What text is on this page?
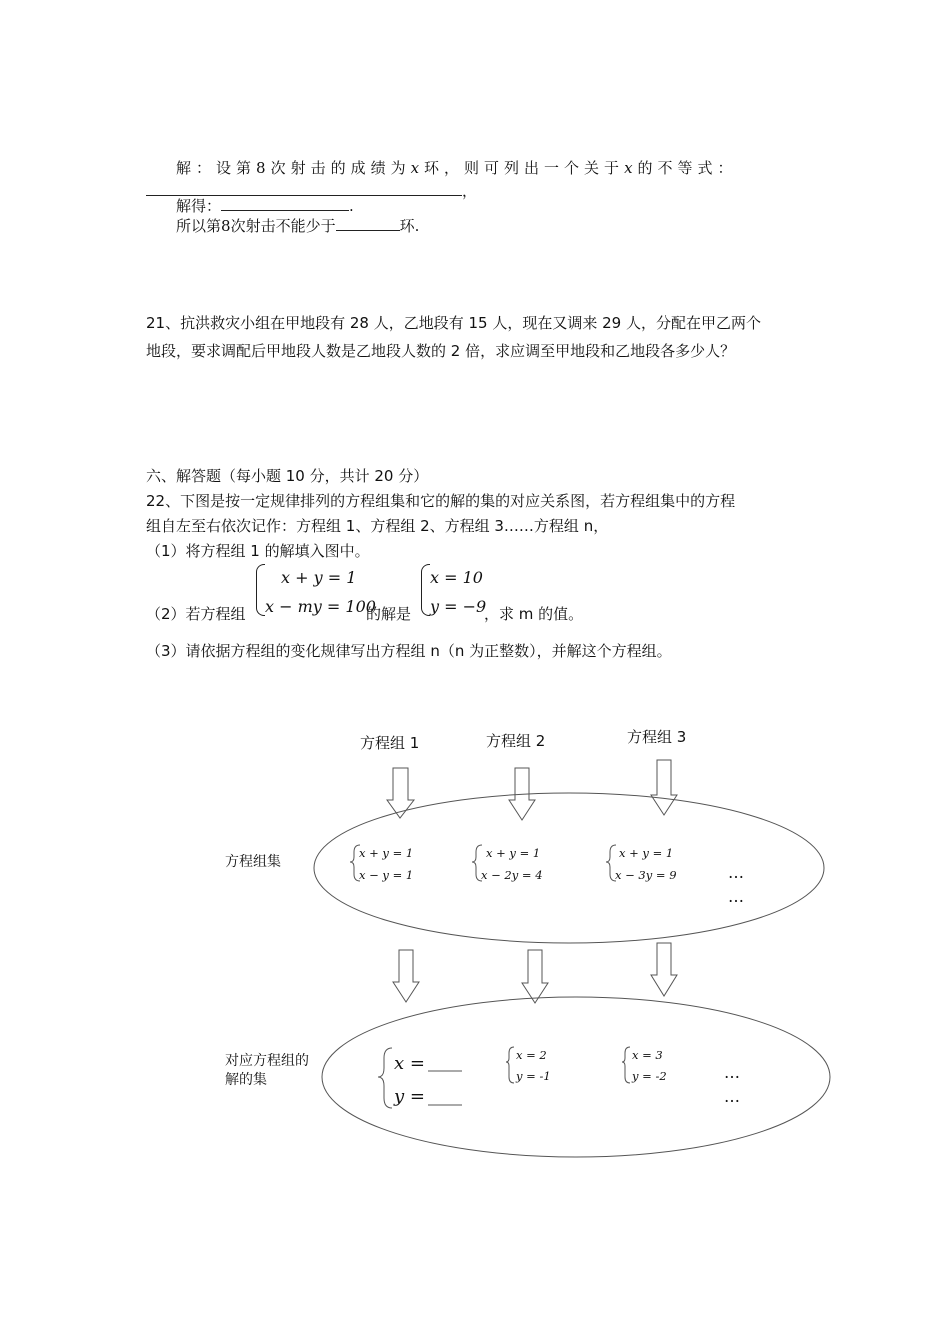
解：设第8次射击的成绩为x环，则可列出一个关于x的不等式：
，
解得：	.
所以第8次射击不能少于	环.
21、抗洪救灾小组在甲地段有 28 人，乙地段有 15 人，现在又调来 29 人，分配在甲乙两个
地段，要求调配后甲地段人数是乙地段人数的 2 倍，求应调至甲地段和乙地段各多少人？
六、解答题（每小题 10 分，共计 20 分）
22、下图是按一定规律排列的方程组集和它的解的集的对应关系图，若方程组集中的方程
组自左至右依次记作：方程组 1、方程组 2、方程组 3……方程组 n，
（1）将方程组 1 的解填入图中。
（2）若方程组
x + y = 1
x − my = 100
的解是
x = 10
y = −9
，求 m 的值。
（3）请依据方程组的变化规律写出方程组 n（n 为正整数），并解这个方程组。
方程组 1	方程组 2	方程组 3
方程组集
对应方程组的
解的集
x + y = 1
x − y = 1
x + y = 1
x − 2y = 4
x + y = 1
x − 3y = 9
x =
y =
x = 2
y = -1
x = 3
y = -2
…
…
…
…
